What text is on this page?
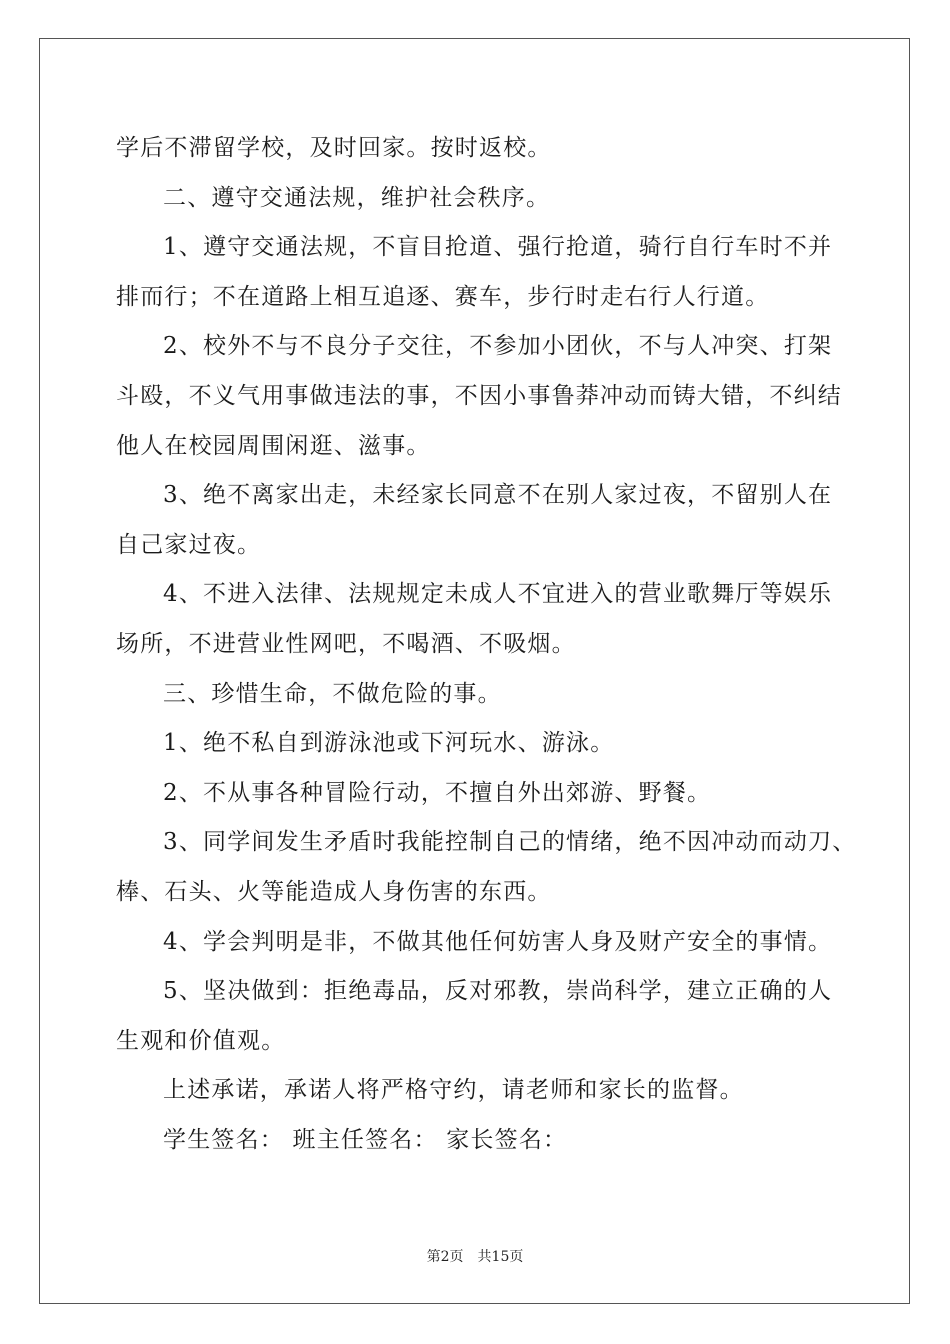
学后不滞留学校，及时回家。按时返校。
二、遵守交通法规，维护社会秩序。
1、遵守交通法规，不盲目抢道、强行抢道，骑行自行车时不并
排而行；不在道路上相互追逐、赛车，步行时走右行人行道。
2、校外不与不良分子交往，不参加小团伙，不与人冲突、打架
斗殴，不义气用事做违法的事，不因小事鲁莽冲动而铸大错，不纠结
他人在校园周围闲逛、滋事。
3、绝不离家出走，未经家长同意不在别人家过夜，不留别人在
自己家过夜。
4、不进入法律、法规规定未成人不宜进入的营业歌舞厅等娱乐
场所，不进营业性网吧，不喝酒、不吸烟。
三、珍惜生命，不做危险的事。
1、绝不私自到游泳池或下河玩水、游泳。
2、不从事各种冒险行动，不擅自外出郊游、野餐。
3、同学间发生矛盾时我能控制自己的情绪，绝不因冲动而动刀、
棒、石头、火等能造成人身伤害的东西。
4、学会判明是非，不做其他任何妨害人身及财产安全的事情。
5、坚决做到：拒绝毒品，反对邪教，崇尚科学，建立正确的人
生观和价值观。
上述承诺，承诺人将严格守约，请老师和家长的监督。
学生签名： 班主任签名： 家长签名：
第2页 共15页
